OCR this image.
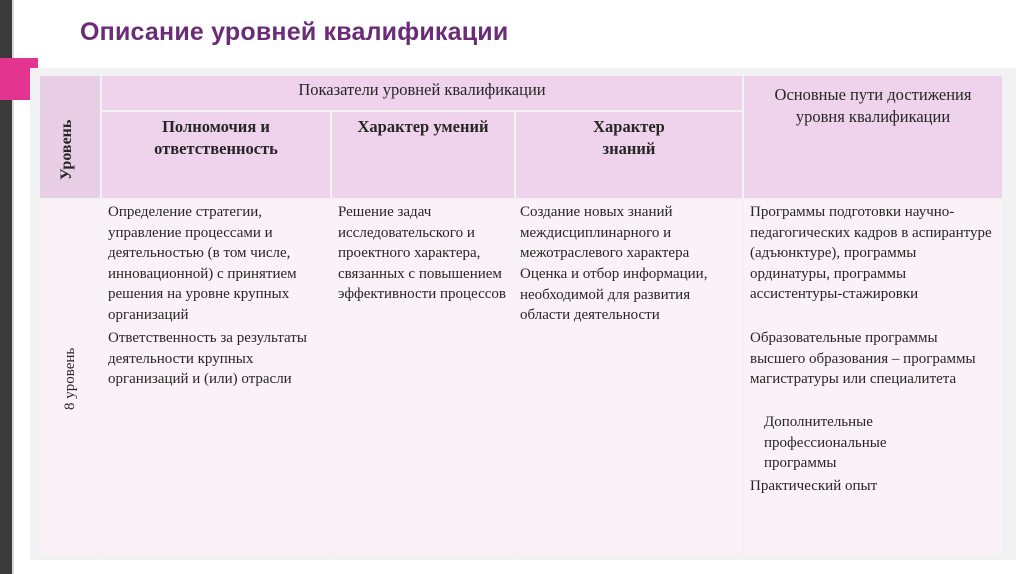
Описание уровней квалификации
Уровень
Показатели уровней квалификации	Основные пути достижения уровня квалификации
Полномочия и ответственность
Характер умений	Характер знаний
8 уровень
Определение стратегии, управление процессами и деятельностью (в том числе, инновационной) с принятием решения на уровне крупных организаций
Ответственность за результаты деятельности крупных организаций и (или) отрасли
Решение задач исследовательского и проектного характера, связанных с повышением эффективности процессов
Создание новых знаний междисциплинарного и межотраслевого характера
Оценка и отбор информации, необходимой для развития области деятельности
Программы подготовки научно-педагогических кадров в аспирантуре (адъюнктуре), программы ординатуры, программы ассистентуры-стажировки
Образовательные программы высшего образования – программы магистратуры или специалитета
Дополнительные профессиональные программы
Практический опыт
